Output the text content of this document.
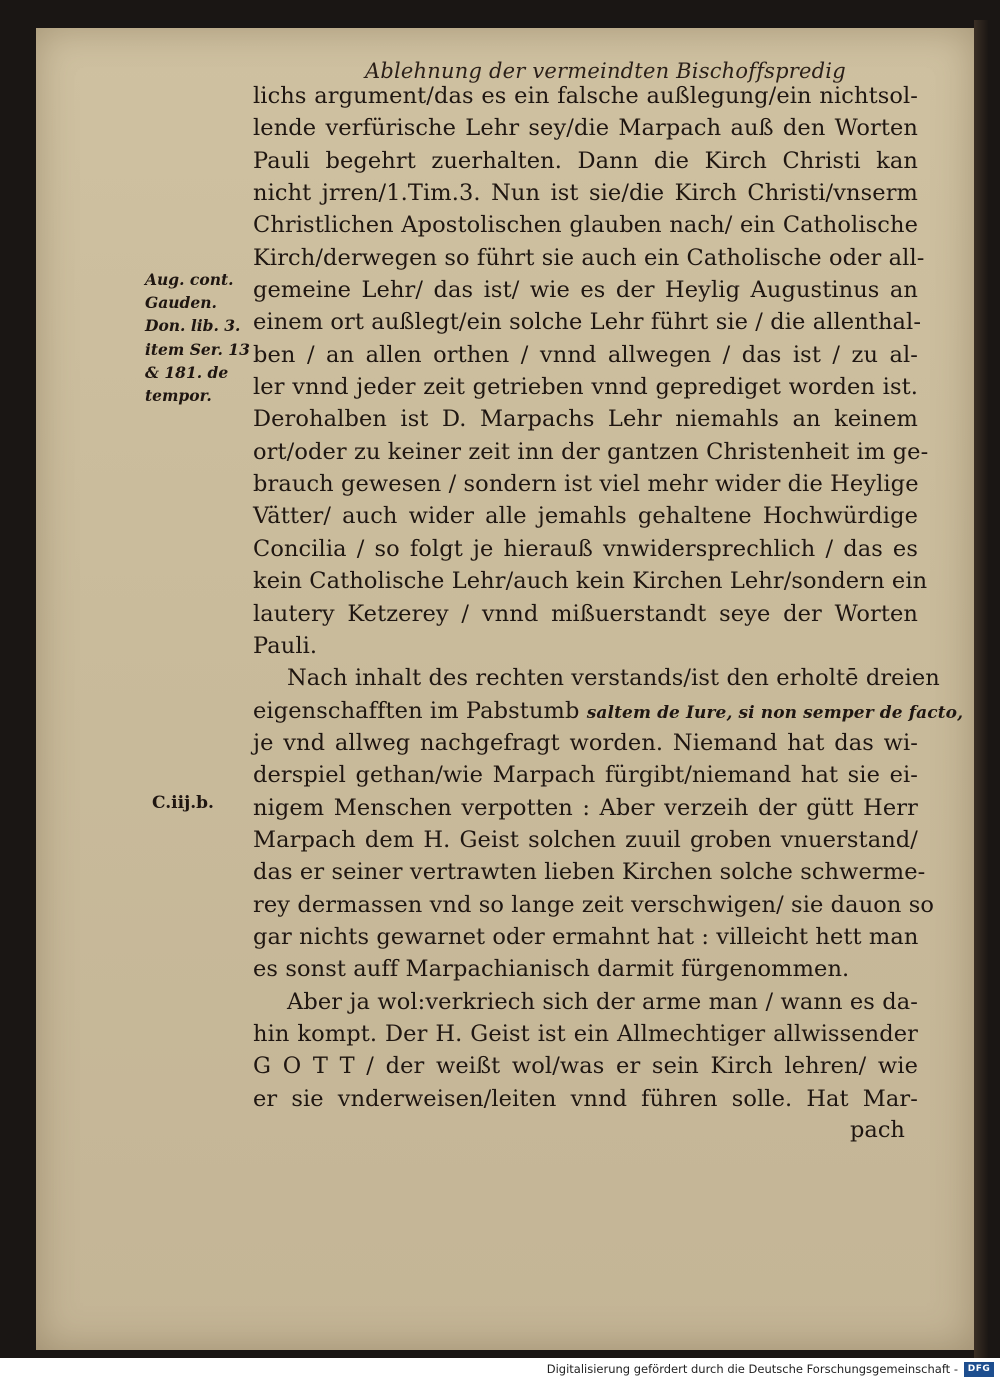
Ablehnung der vermeindten Bischoffspredig
Aug. cont.
Gauden.
Don. lib. 3.
item Ser. 13
& 181. de
tempor.
C.iij.b.
lichs argument/das es ein falsche außlegung/ein nichtsol-
lende verfürische Lehr sey/die Marpach auß den Worten
Pauli begehrt zuerhalten. Dann die Kirch Christi kan
nicht jrren/1.Tim.3. Nun ist sie/die Kirch Christi/vnserm
Christlichen Apostolischen glauben nach/ ein Catholische
Kirch/derwegen so führt sie auch ein Catholische oder all-
gemeine Lehr/ das ist/ wie es der Heylig Augustinus an
einem ort außlegt/ein solche Lehr führt sie / die allenthal-
ben / an allen orthen / vnnd allwegen / das ist / zu al-
ler vnnd jeder zeit getrieben vnnd geprediget worden ist.
Derohalben ist D. Marpachs Lehr niemahls an keinem
ort/oder zu keiner zeit inn der gantzen Christenheit im ge-
brauch gewesen / sondern ist viel mehr wider die Heylige
Vätter/ auch wider alle jemahls gehaltene Hochwürdige
Concilia / so folgt je hierauß vnwidersprechlich / das es
kein Catholische Lehr/auch kein Kirchen Lehr/sondern ein
lautery Ketzerey / vnnd mißuerstandt seye der Worten
Pauli.
Nach inhalt des rechten verstands/ist den erholtē dreien
eigenschafften im Pabstumb saltem de Iure, si non semper de facto,
je vnd allweg nachgefragt worden. Niemand hat das wi-
derspiel gethan/wie Marpach fürgibt/niemand hat sie ei-
nigem Menschen verpotten : Aber verzeih der gütt Herr
Marpach dem H. Geist solchen zuuil groben vnuerstand/
das er seiner vertrawten lieben Kirchen solche schwerme-
rey dermassen vnd so lange zeit verschwigen/ sie dauon so
gar nichts gewarnet oder ermahnt hat : villeicht hett man
es sonst auff Marpachianisch darmit fürgenommen.
Aber ja wol:verkriech sich der arme man / wann es da-
hin kompt. Der H. Geist ist ein Allmechtiger allwissender
G O T T / der weißt wol/was er sein Kirch lehren/ wie
er sie vnderweisen/leiten vnnd führen solle. Hat Mar-
pach
Digitalisierung gefördert durch die Deutsche Forschungsgemeinschaft -	DFG
